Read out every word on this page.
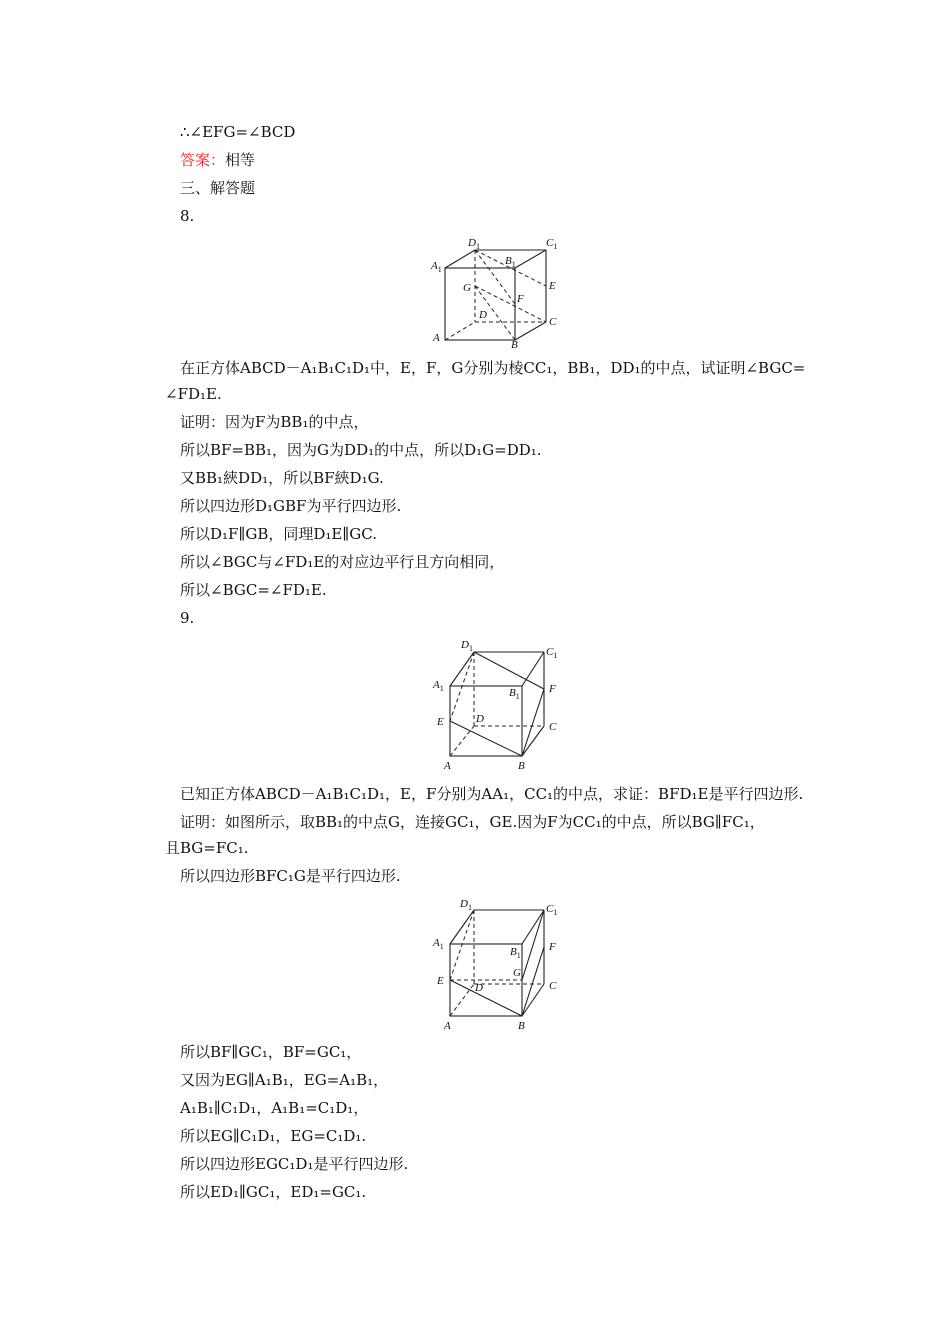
∴∠EFG=∠BCD
答案：相等
三、解答题
8.
$D_1$	$C_1$
$A_1$
$B_1$
G	E
F
D
C
A
B
在正方体ABCD－A₁B₁C₁D₁中，E，F，G分别为棱CC₁，BB₁，DD₁的中点，试证明∠BGC=
∠FD₁E.
证明：因为F为BB₁的中点，
所以BF=BB₁，因为G为DD₁的中点，所以D₁G=DD₁.
又BB₁綊DD₁，所以BF綊D₁G.
所以四边形D₁GBF为平行四边形.
所以D₁F∥GB，同理D₁E∥GC.
所以∠BGC与∠FD₁E的对应边平行且方向相同，
所以∠BGC=∠FD₁E.
9.
$D_1$	$C_1$
$A_1$	$B_1$
F
E	D
C
A	B
已知正方体ABCD－A₁B₁C₁D₁，E，F分别为AA₁，CC₁的中点，求证：BFD₁E是平行四边形.
证明：如图所示，取BB₁的中点G，连接GC₁，GE.因为F为CC₁的中点，所以BG∥FC₁，
且BG=FC₁.
所以四边形BFC₁G是平行四边形.
$D_1$	$C_1$
$A_1$	$B_1$
F
G
E
D	C
A	B
所以BF∥GC₁，BF=GC₁，
又因为EG∥A₁B₁，EG=A₁B₁，
A₁B₁∥C₁D₁，A₁B₁=C₁D₁，
所以EG∥C₁D₁，EG=C₁D₁.
所以四边形EGC₁D₁是平行四边形.
所以ED₁∥GC₁，ED₁=GC₁.
